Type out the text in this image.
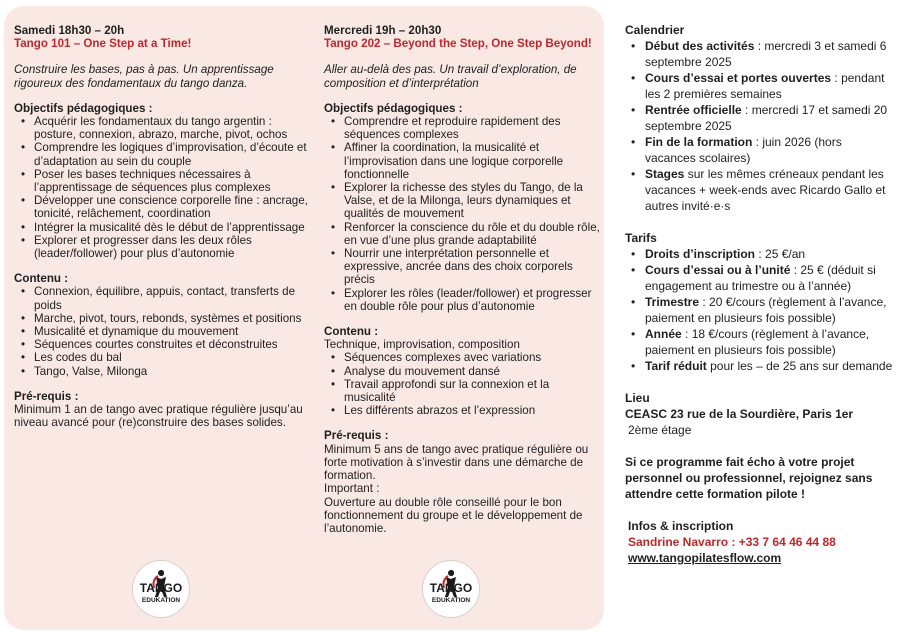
Samedi 18h30 – 20h
Tango 101 – One Step at a Time!
Construire les bases, pas à pas. Un apprentissage rigoureux des fondamentaux du tango danza.
Objectifs pédagogiques :
• Acquérir les fondamentaux du tango argentin : posture, connexion, abrazo, marche, pivot, ochos
• Comprendre les logiques d’improvisation, d’écoute et d’adaptation au sein du couple
• Poser les bases techniques nécessaires à l’apprentissage de séquences plus complexes
• Développer une conscience corporelle fine : ancrage, tonicité, relâchement, coordination
• Intégrer la musicalité dès le début de l’apprentissage
• Explorer et progresser dans les deux rôles (leader/follower) pour plus d’autonomie
Contenu :
• Connexion, équilibre, appuis, contact, transferts de poids
• Marche, pivot, tours, rebonds, systèmes et positions
• Musicalité et dynamique du mouvement
• Séquences courtes construites et déconstruites
• Les codes du bal
• Tango, Valse, Milonga
Pré-requis :
Minimum 1 an de tango avec pratique régulière jusqu’au niveau avancé pour (re)construire des bases solides.
Mercredi 19h – 20h30
Tango 202 – Beyond the Step, One Step Beyond!
Aller au-delà des pas. Un travail d’exploration, de composition et d’interprétation
Objectifs pédagogiques :
• Comprendre et reproduire rapidement des séquences complexes
• Affiner la coordination, la musicalité et l’improvisation dans une logique corporelle fonctionnelle
• Explorer la richesse des styles du Tango, de la Valse, et de la Milonga, leurs dynamiques et qualités de mouvement
• Renforcer la conscience du rôle et du double rôle, en vue d’une plus grande adaptabilité
• Nourrir une interprétation personnelle et expressive, ancrée dans des choix corporels précis
• Explorer les rôles (leader/follower) et progresser en double rôle pour plus d’autonomie
Contenu :
Technique, improvisation, composition
• Séquences complexes avec variations
• Analyse du mouvement dansé
• Travail approfondi sur la connexion et la musicalité
• Les différents abrazos et l’expression
Pré-requis :
Minimum 5 ans de tango avec pratique régulière ou forte motivation à s’investir dans une démarche de formation.
Important :
Ouverture au double rôle conseillé pour le bon fonctionnement du groupe et le développement de l’autonomie.
Calendrier
• Début des activités : mercredi 3 et samedi 6 septembre 2025
• Cours d’essai et portes ouvertes : pendant les 2 premières semaines
• Rentrée officielle : mercredi 17 et samedi 20 septembre 2025
• Fin de la formation : juin 2026 (hors vacances scolaires)
• Stages sur les mêmes créneaux pendant les vacances + week-ends avec Ricardo Gallo et autres invité·e·s
Tarifs
• Droits d’inscription : 25 €/an
• Cours d’essai ou à l’unité : 25 € (déduit si engagement au trimestre ou à l’année)
• Trimestre : 20 €/cours (règlement à l’avance, paiement en plusieurs fois possible)
• Année : 18 €/cours (règlement à l’avance, paiement en plusieurs fois possible)
• Tarif réduit pour les – de 25 ans sur demande
Lieu
CEASC 23 rue de la Sourdière, Paris 1er
2ème étage
Si ce programme fait écho à votre projet personnel ou professionnel, rejoignez sans attendre cette formation pilote !
Infos & inscription
Sandrine Navarro : +33 7 64 46 44 88
www.tangopilatesflow.com
TANGO
EDUKATION
TANGO
EDUKATION
